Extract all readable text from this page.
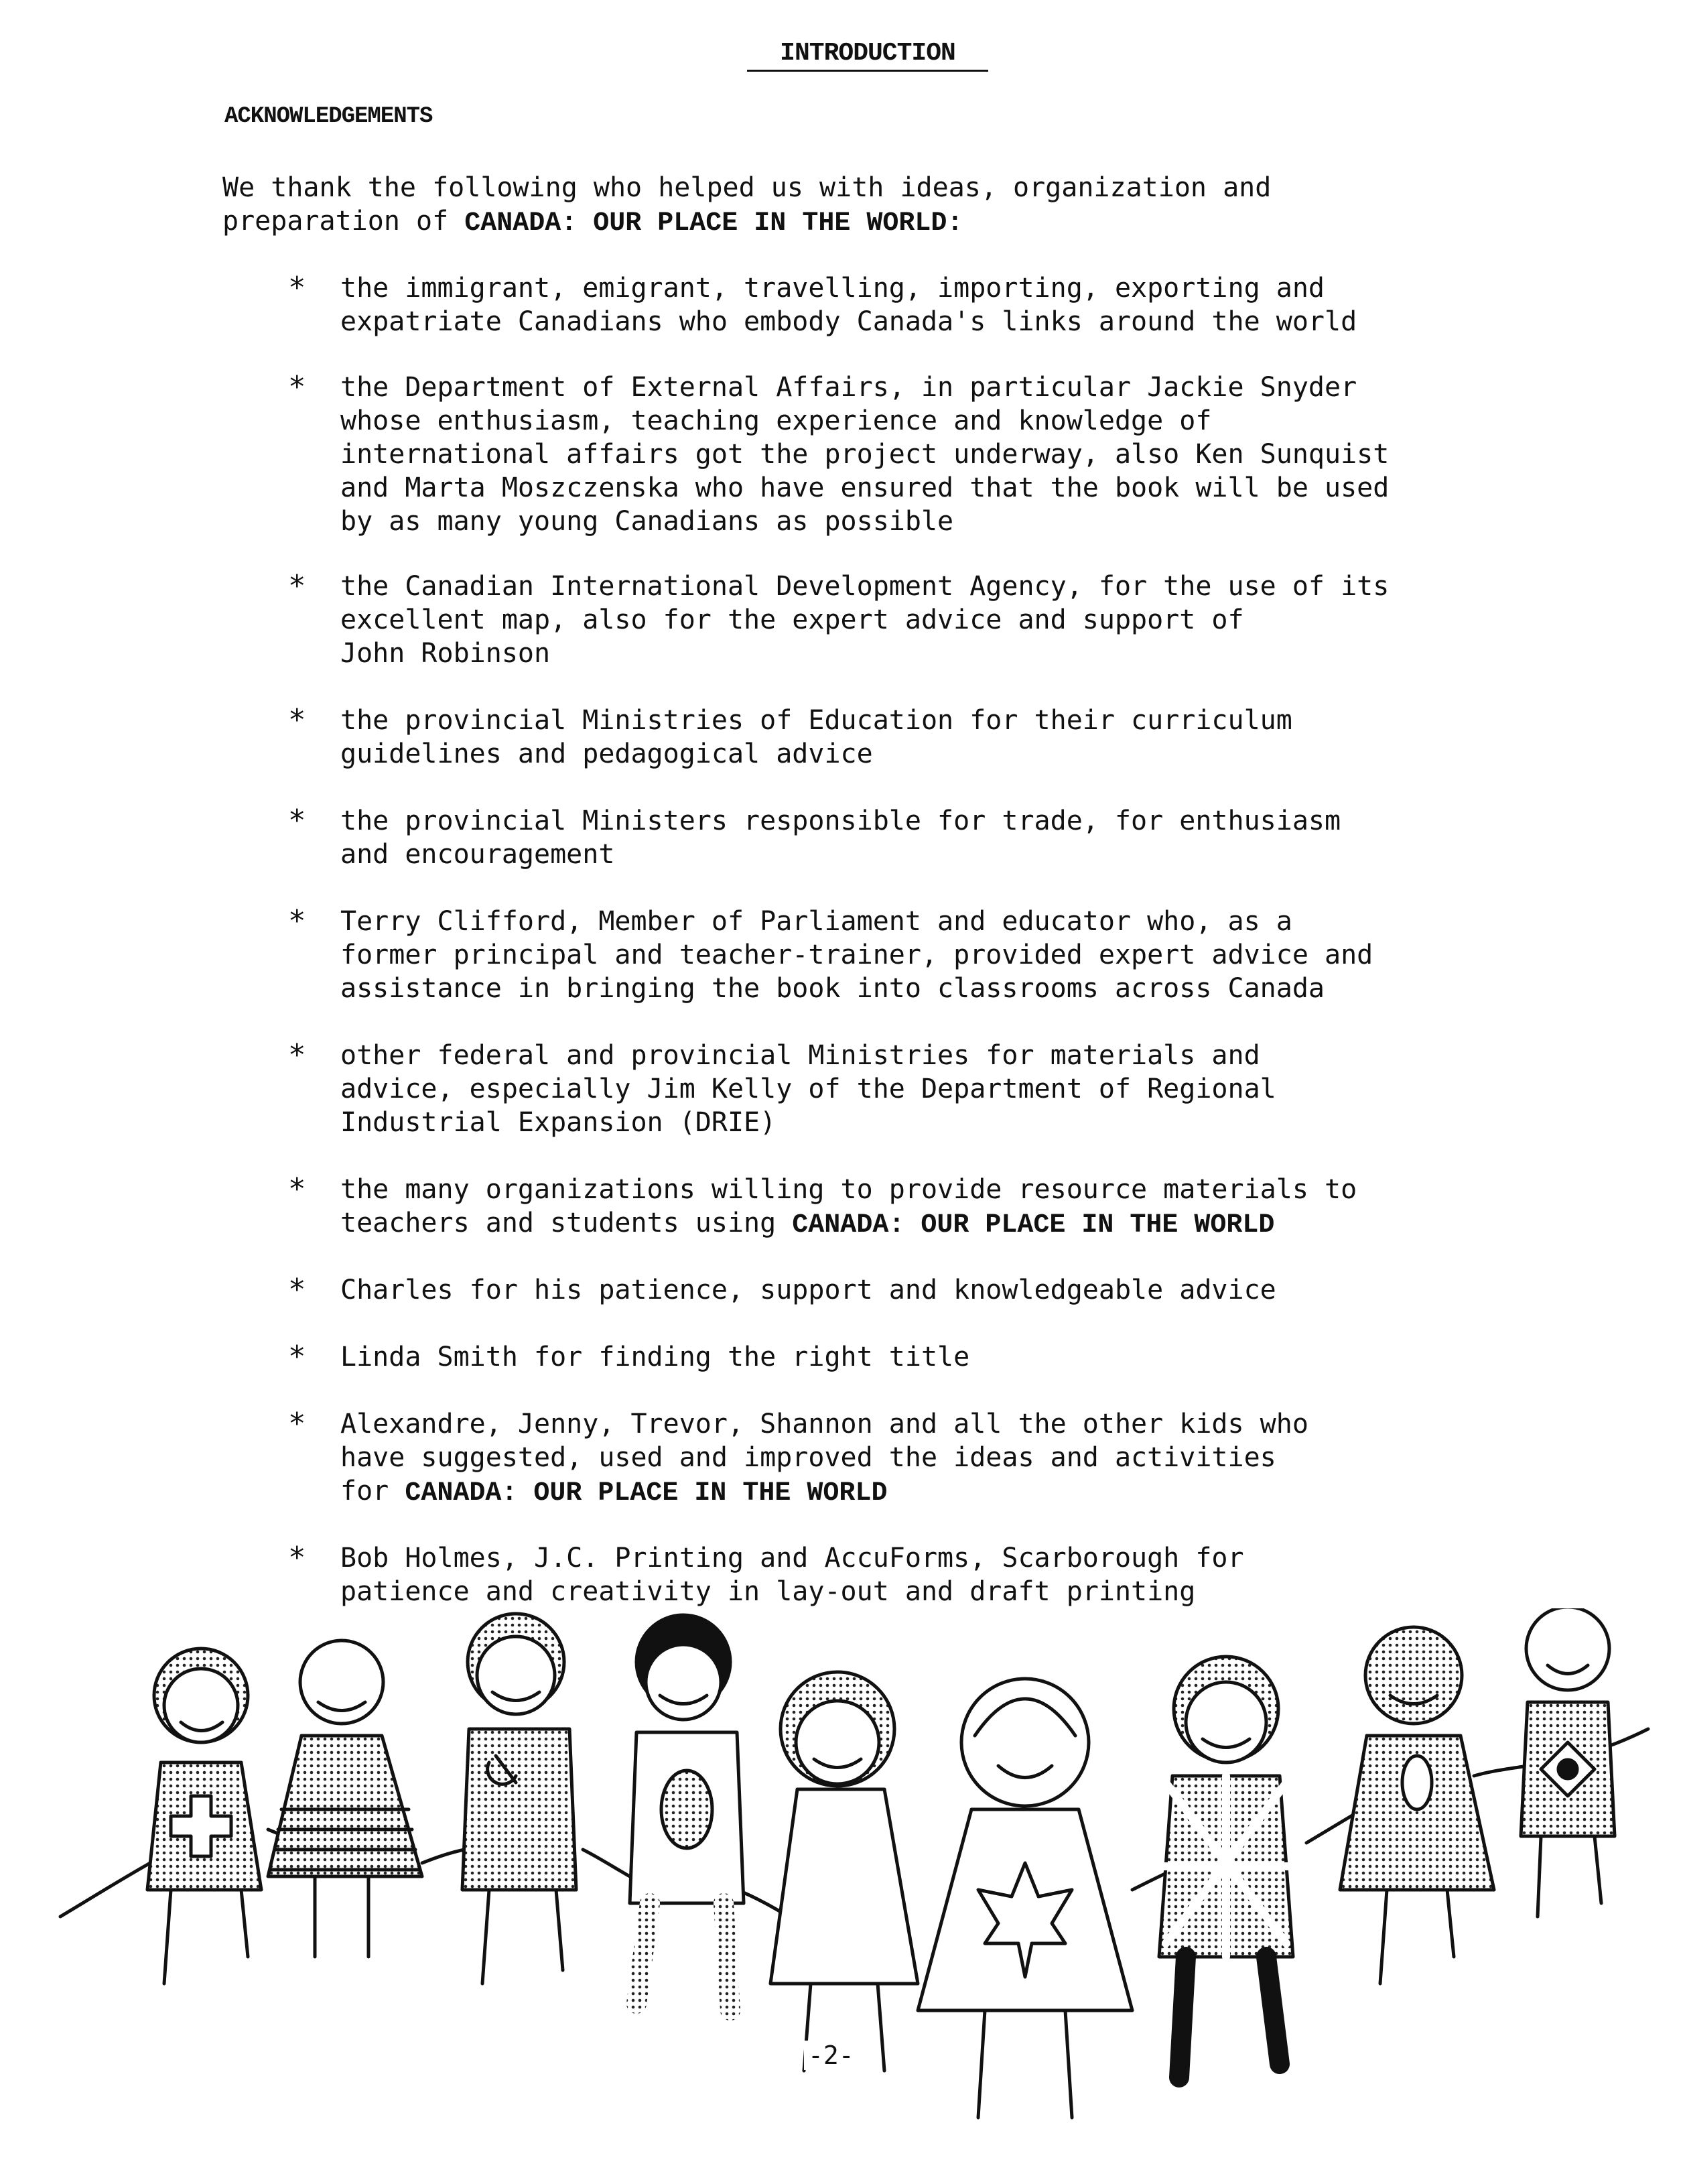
INTRODUCTION
ACKNOWLEDGEMENTS

We thank the following who helped us with ideas, organization and
preparation of CANADA: OUR PLACE IN THE WORLD:

* the immigrant, emigrant, travelling, importing, exporting and
expatriate Canadians who embody Canada's links around the world
* the Department of External Affairs, in particular Jackie Snyder
whose enthusiasm, teaching experience and knowledge of
international affairs got the project underway, also Ken Sunquist
and Marta Moszczenska who have ensured that the book will be used
by as many young Canadians as possible
* the Canadian International Development Agency, for the use of its
excellent map, also for the expert advice and support of
John Robinson
* the provincial Ministries of Education for their curriculum
guidelines and pedagogical advice
* the provincial Ministers responsible for trade, for enthusiasm
and encouragement
* Terry Clifford, Member of Parliament and educator who, as a
former principal and teacher-trainer, provided expert advice and
assistance in bringing the book into classrooms across Canada
* other federal and provincial Ministries for materials and
advice, especially Jim Kelly of the Department of Regional
Industrial Expansion (DRIE)
* the many organizations willing to provide resource materials to
teachers and students using CANADA: OUR PLACE IN THE WORLD
* Charles for his patience, support and knowledgeable advice
* Linda Smith for finding the right title
* Alexandre, Jenny, Trevor, Shannon and all the other kids who
have suggested, used and improved the ideas and activities
for CANADA: OUR PLACE IN THE WORLD
* Bob Holmes, J.C. Printing and AccuForms, Scarborough for
patience and creativity in lay-out and draft printing
-2-
